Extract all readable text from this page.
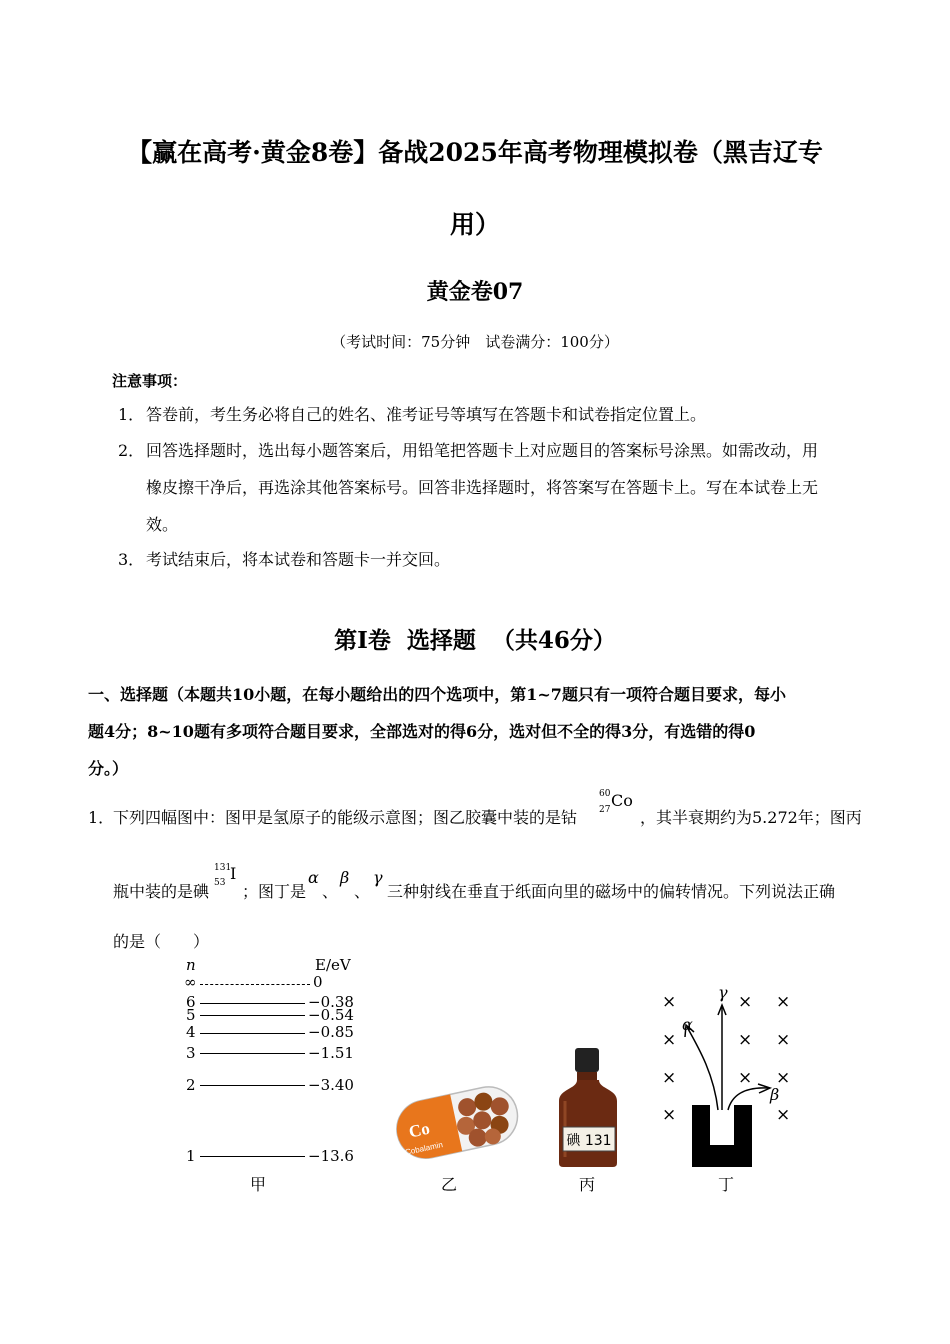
【赢在高考·黄金8卷】备战2025年高考物理模拟卷（黑吉辽专
用）
黄金卷07
（考试时间：75分钟　试卷满分：100分）
注意事项：
1． 答卷前，考生务必将自己的姓名、准考证号等填写在答题卡和试卷指定位置上。
2． 回答选择题时，选出每小题答案后，用铅笔把答题卡上对应题目的答案标号涂黑。如需改动，用
橡皮擦干净后，再选涂其他答案标号。回答非选择题时，将答案写在答题卡上。写在本试卷上无
效。
3． 考试结束后，将本试卷和答题卡一并交回。
第Ⅰ卷  选择题  （共46分）
一、选择题（本题共10小题，在每小题给出的四个选项中，第1~7题只有一项符合题目要求，每小
题4分；8~10题有多项符合题目要求，全部选对的得6分，选对但不全的得3分，有选错的得0
分。）
1．
下列四幅图中：图甲是氢原子的能级示意图；图乙胶囊中装的是钴
60
27 Co
，其半衰期约为5.272年；图丙
瓶中装的是碘
131
53 I
；图丁是
α
、
β
、
γ
三种射线在垂直于纸面向里的磁场中的偏转情况。下列说法正确
的是（　　）
n	E/eV
∞	0
6	−0.38
5	−0.54
4	−0.85
3	−1.51
2	−3.40
1	−13.6
甲
Co
Cobalamin
乙
碘 131
丙
×	× ×
×	× ×
×	× ×
×	×
γ
α
β
丁
